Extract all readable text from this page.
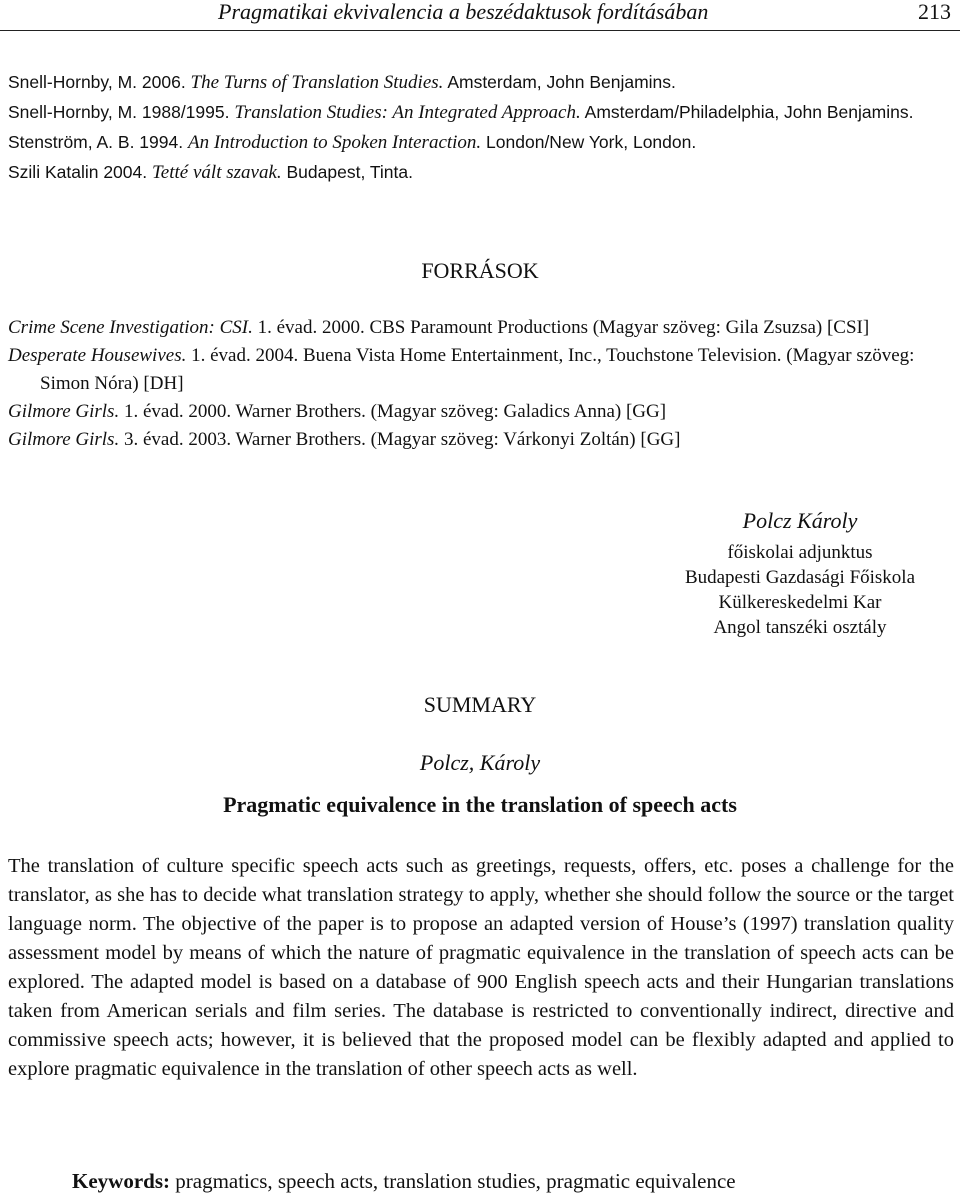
Pragmatikai ekvivalencia a beszédaktusok fordításában	213

Snell-Hornby, M. 2006. The Turns of Translation Studies. Amsterdam, John Benjamins.

Snell-Hornby, M. 1988/1995. Translation Studies: An Integrated Approach. Amsterdam/Philadelphia, John Benjamins.

Stenström, A. B. 1994. An Introduction to Spoken Interaction. London/New York, London.

Szili Katalin 2004. Tetté vált szavak. Budapest, Tinta.

FORRÁSOK

Crime Scene Investigation: CSI. 1. évad. 2000. CBS Paramount Productions (Magyar szöveg: Gila Zsuzsa) [CSI]

Desperate Housewives. 1. évad. 2004. Buena Vista Home Entertainment, Inc., Touchstone Television. (Magyar szöveg: Simon Nóra) [DH]

Gilmore Girls. 1. évad. 2000. Warner Brothers. (Magyar szöveg: Galadics Anna) [GG]

Gilmore Girls. 3. évad. 2003. Warner Brothers. (Magyar szöveg: Várkonyi Zoltán) [GG]

Polcz Károly
főiskolai adjunktus
Budapesti Gazdasági Főiskola
Külkereskedelmi Kar
Angol tanszéki osztály
SUMMARY
Polcz, Károly
Pragmatic equivalence in the translation of speech acts

The translation of culture specific speech acts such as greetings, requests, offers, etc. poses a challenge for the translator, as she has to decide what translation strategy to apply, whether she should follow the source or the target language norm. The objective of the paper is to propose an adapted version of House’s (1997) translation quality assessment model by means of which the nature of pragmatic equivalence in the translation of speech acts can be explored. The adapted model is based on a database of 900 English speech acts and their Hungarian translations taken from American serials and film series. The database is restricted to conventionally indirect, directive and commissive speech acts; however, it is believed that the proposed model can be flexibly adapted and applied to explore pragmatic equivalence in the translation of other speech acts as well.

Keywords: pragmatics, speech acts, translation studies, pragmatic equivalence
